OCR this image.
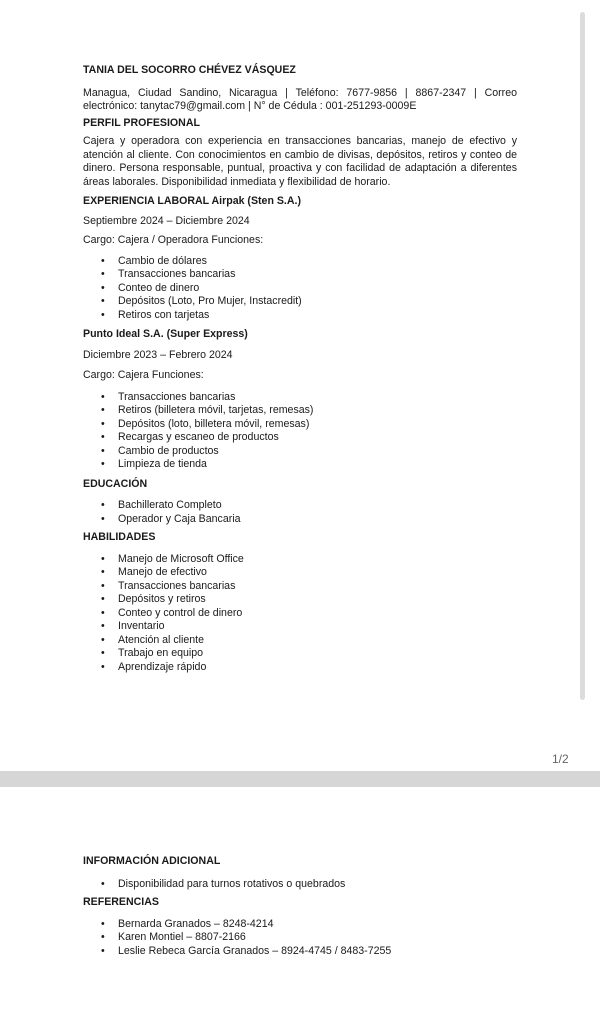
TANIA DEL SOCORRO CHÉVEZ VÁSQUEZ

Managua, Ciudad Sandino, Nicaragua | Teléfono: 7677-9856 | 8867-2347 | Correo electrónico: tanytac79@gmail.com | N° de Cédula : 001-251293-0009E

PERFIL PROFESIONAL

Cajera y operadora con experiencia en transacciones bancarias, manejo de efectivo y atención al cliente. Con conocimientos en cambio de divisas, depósitos, retiros y conteo de dinero. Persona responsable, puntual, proactiva y con facilidad de adaptación a diferentes áreas laborales. Disponibilidad inmediata y flexibilidad de horario.

EXPERIENCIA LABORAL Airpak (Sten S.A.)

Septiembre 2024 – Diciembre 2024

Cargo: Cajera / Operadora Funciones:

• Cambio de dólares
• Transacciones bancarias
• Conteo de dinero
• Depósitos (Loto, Pro Mujer, Instacredit)
• Retiros con tarjetas

Punto Ideal S.A. (Super Express)

Diciembre 2023 – Febrero 2024

Cargo: Cajera Funciones:

• Transacciones bancarias
• Retiros (billetera móvil, tarjetas, remesas)
• Depósitos (loto, billetera móvil, remesas)
• Recargas y escaneo de productos
• Cambio de productos
• Limpieza de tienda

EDUCACIÓN

• Bachillerato Completo
• Operador y Caja Bancaria

HABILIDADES

• Manejo de Microsoft Office
• Manejo de efectivo
• Transacciones bancarias
• Depósitos y retiros
• Conteo y control de dinero
• Inventario
• Atención al cliente
• Trabajo en equipo
• Aprendizaje rápido
1/2

INFORMACIÓN ADICIONAL

• Disponibilidad para turnos rotativos o quebrados

REFERENCIAS

• Bernarda Granados – 8248-4214
• Karen Montiel – 8807-2166
• Leslie Rebeca García Granados – 8924-4745 / 8483-7255
